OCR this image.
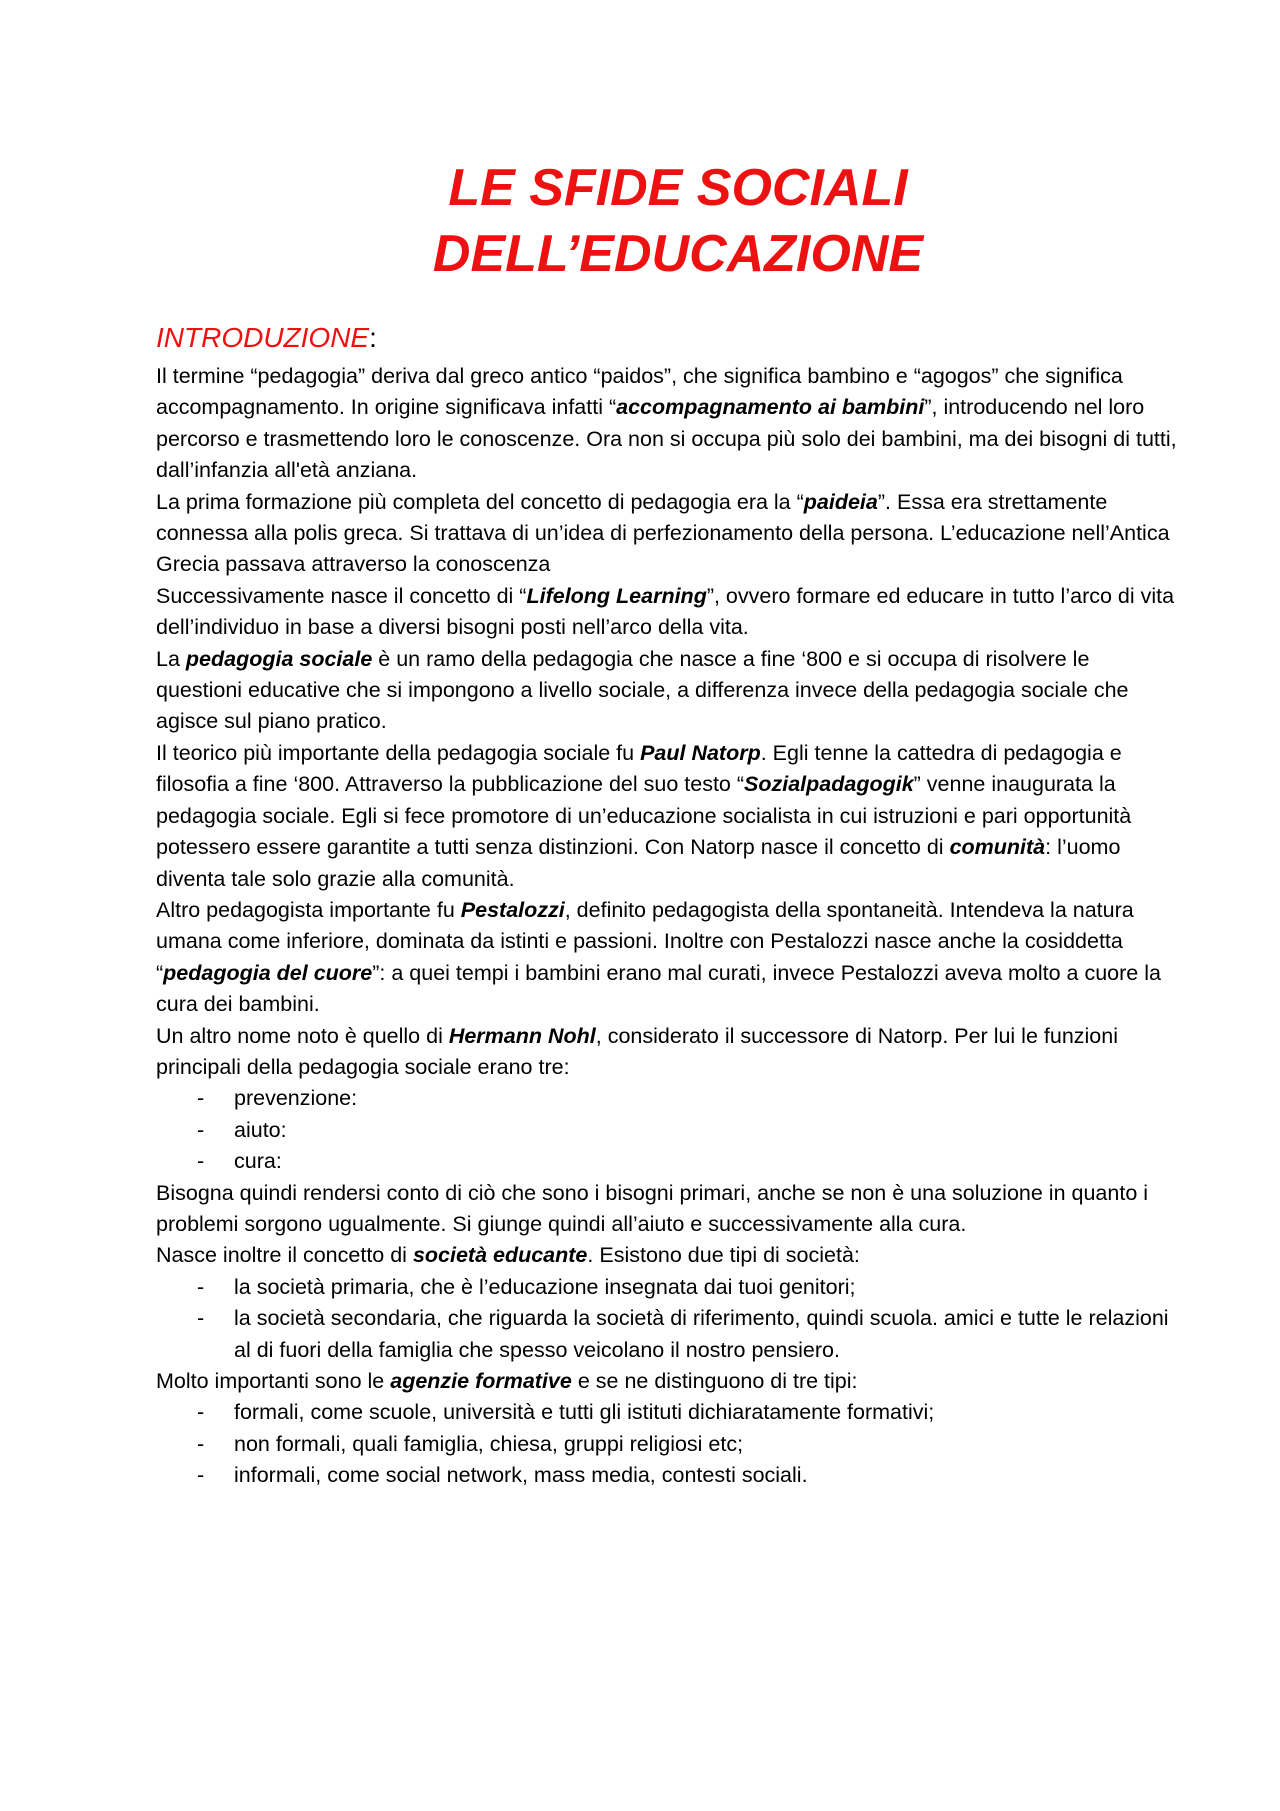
LE SFIDE SOCIALI
DELL’EDUCAZIONE
INTRODUZIONE:

Il termine “pedagogia” deriva dal greco antico “paidos”, che significa bambino e “agogos” che significa accompagnamento. In origine significava infatti “accompagnamento ai bambini”, introducendo nel loro percorso e trasmettendo loro le conoscenze. Ora non si occupa più solo dei bambini, ma dei bisogni di tutti, dall’infanzia all'età anziana.

La prima formazione più completa del concetto di pedagogia era la “paideia”. Essa era strettamente connessa alla polis greca. Si trattava di un’idea di perfezionamento della persona. L’educazione nell’Antica Grecia passava attraverso la conoscenza

Successivamente nasce il concetto di “Lifelong Learning”, ovvero formare ed educare in tutto l’arco di vita dell’individuo in base a diversi bisogni posti nell’arco della vita.

La pedagogia sociale è un ramo della pedagogia che nasce a fine ‘800 e si occupa di risolvere le questioni educative che si impongono a livello sociale, a differenza invece della pedagogia sociale che agisce sul piano pratico.

Il teorico più importante della pedagogia sociale fu Paul Natorp. Egli tenne la cattedra di pedagogia e filosofia a fine ‘800. Attraverso la pubblicazione del suo testo “Sozialpadagogik” venne inaugurata la pedagogia sociale. Egli si fece promotore di un’educazione socialista in cui istruzioni e pari opportunità potessero essere garantite a tutti senza distinzioni. Con Natorp nasce il concetto di comunità: l’uomo diventa tale solo grazie alla comunità.

Altro pedagogista importante fu Pestalozzi, definito pedagogista della spontaneità. Intendeva la natura umana come inferiore, dominata da istinti e passioni. Inoltre con Pestalozzi nasce anche la cosiddetta “pedagogia del cuore”: a quei tempi i bambini erano mal curati, invece Pestalozzi aveva molto a cuore la cura dei bambini.

Un altro nome noto è quello di Hermann Nohl, considerato il successore di Natorp. Per lui le funzioni principali della pedagogia sociale erano tre:

- prevenzione:
- aiuto:
- cura:

Bisogna quindi rendersi conto di ciò che sono i bisogni primari, anche se non è una soluzione in quanto i problemi sorgono ugualmente. Si giunge quindi all’aiuto e successivamente alla cura.

Nasce inoltre il concetto di società educante. Esistono due tipi di società:

- la società primaria, che è l’educazione insegnata dai tuoi genitori;
- la società secondaria, che riguarda la società di riferimento, quindi scuola. amici e tutte le relazioni al di fuori della famiglia che spesso veicolano il nostro pensiero.

Molto importanti sono le agenzie formative e se ne distinguono di tre tipi:

- formali, come scuole, università e tutti gli istituti dichiaratamente formativi;
- non formali, quali famiglia, chiesa, gruppi religiosi etc;
- informali, come social network, mass media, contesti sociali.
